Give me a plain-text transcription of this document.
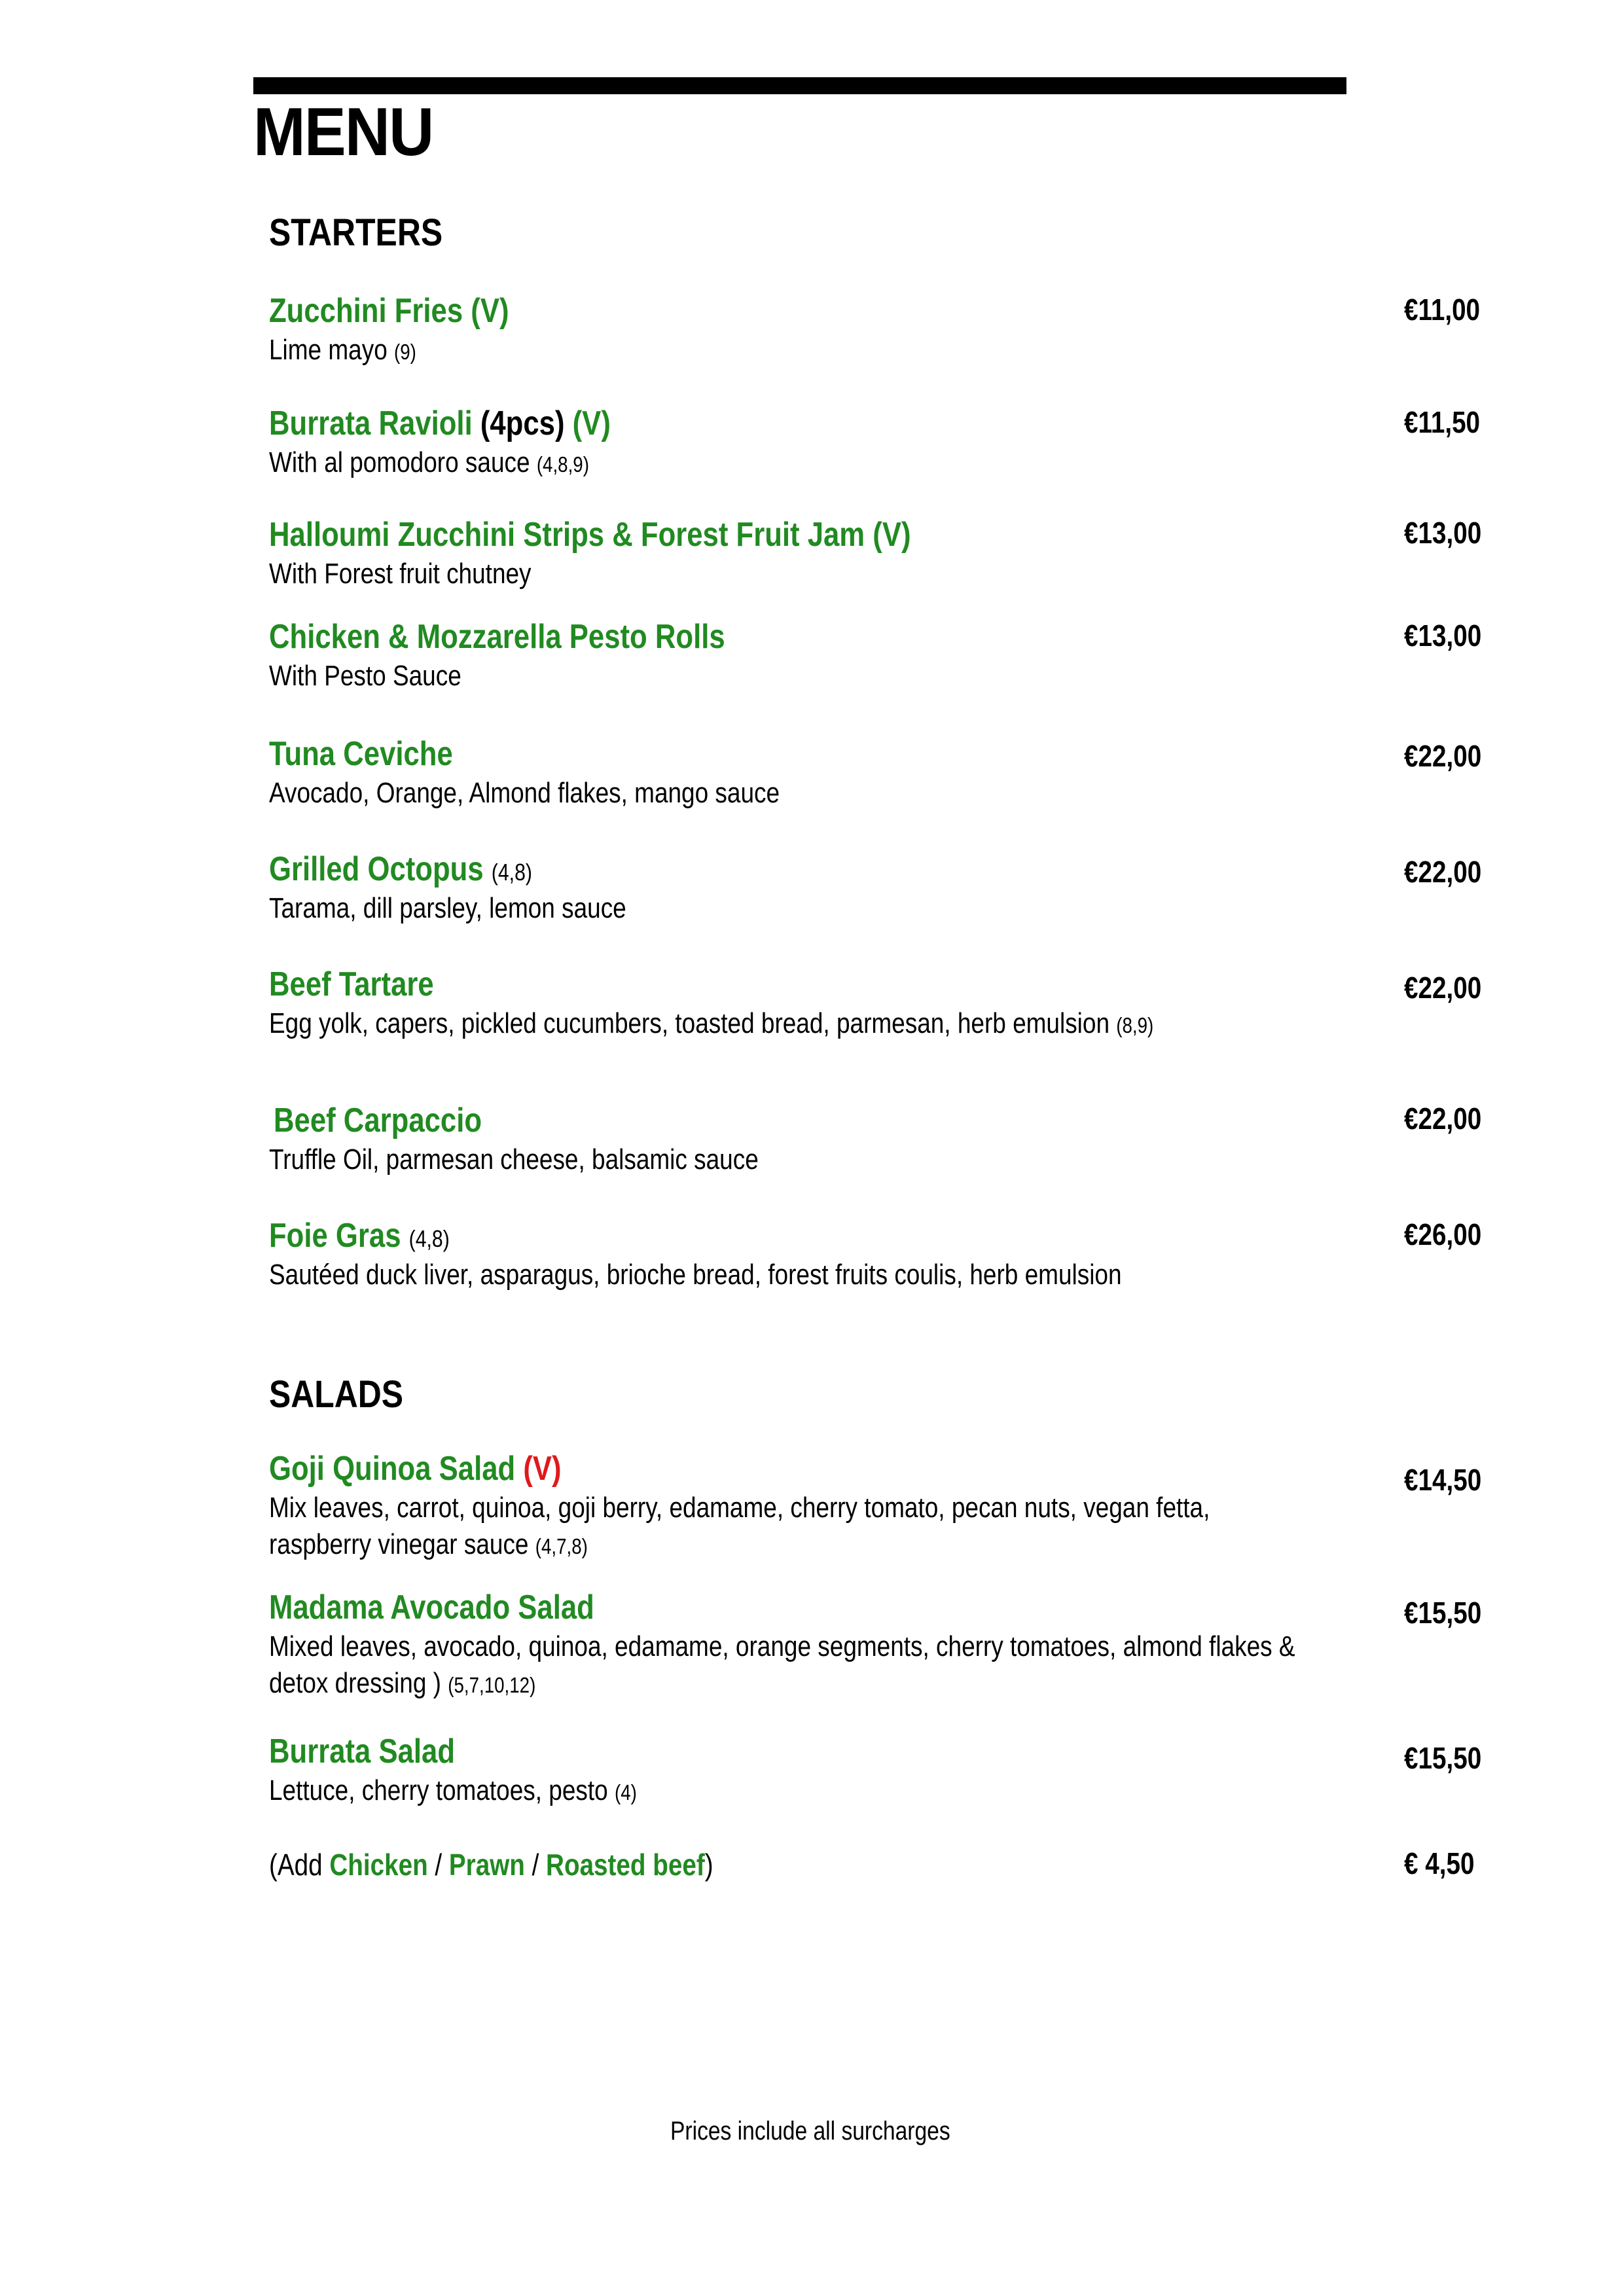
MENU
STARTERS
Zucchini Fries (V)
Lime mayo (9)
€11,00
Burrata Ravioli (4pcs) (V)
With al pomodoro sauce (4,8,9)
€11,50
Halloumi Zucchini Strips & Forest Fruit Jam (V)
With Forest fruit chutney
€13,00
Chicken & Mozzarella Pesto Rolls
With Pesto Sauce
€13,00
Tuna Ceviche
Avocado, Orange, Almond flakes, mango sauce
€22,00
Grilled Octopus (4,8)
Tarama, dill parsley, lemon sauce
€22,00
Beef Tartare
Egg yolk, capers, pickled cucumbers, toasted bread, parmesan, herb emulsion (8,9)
€22,00
Beef Carpaccio
Truffle Oil, parmesan cheese, balsamic sauce
€22,00
Foie Gras (4,8)
Sautéed duck liver, asparagus, brioche bread, forest fruits coulis, herb emulsion
€26,00
SALADS
Goji Quinoa Salad (V)
Mix leaves, carrot, quinoa, goji berry, edamame, cherry tomato, pecan nuts, vegan fetta,
raspberry vinegar sauce (4,7,8)
€14,50
Madama Avocado Salad
Mixed leaves, avocado, quinoa, edamame, orange segments, cherry tomatoes, almond flakes &
detox dressing ) (5,7,10,12)
€15,50
Burrata Salad
Lettuce, cherry tomatoes, pesto (4)
€15,50
(Add Chicken / Prawn / Roasted beef)	€ 4,50
Prices include all surcharges
